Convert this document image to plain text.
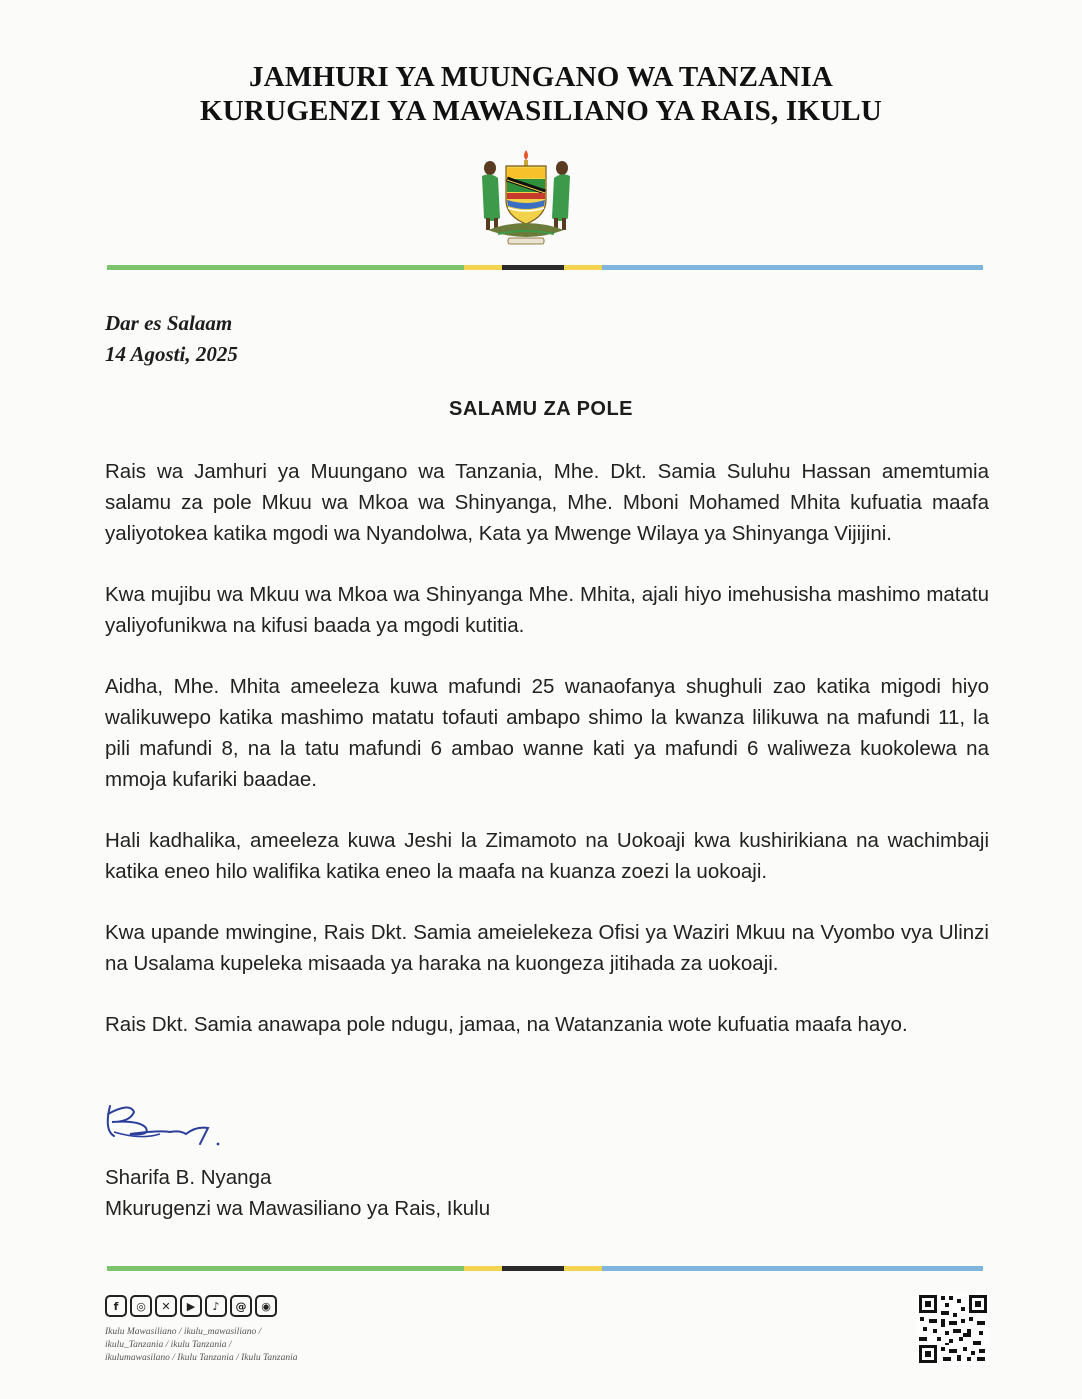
JAMHURI YA MUUNGANO WA TANZANIA
KURUGENZI YA MAWASILIANO YA RAIS, IKULU
Dar es Salaam
14 Agosti, 2025
SALAMU ZA POLE

Rais wa Jamhuri ya Muungano wa Tanzania, Mhe. Dkt. Samia Suluhu Hassan amemtumia salamu za pole Mkuu wa Mkoa wa Shinyanga, Mhe. Mboni Mohamed Mhita kufuatia maafa yaliyotokea katika mgodi wa Nyandolwa, Kata ya Mwenge Wilaya ya Shinyanga Vijijini.

Kwa mujibu wa Mkuu wa Mkoa wa Shinyanga Mhe. Mhita, ajali hiyo imehusisha mashimo matatu yaliyofunikwa na kifusi baada ya mgodi kutitia.

Aidha, Mhe. Mhita ameeleza kuwa mafundi 25 wanaofanya shughuli zao katika migodi hiyo walikuwepo katika mashimo matatu tofauti ambapo shimo la kwanza lilikuwa na mafundi 11, la pili mafundi 8, na la tatu mafundi 6 ambao wanne kati ya mafundi 6 waliweza kuokolewa na mmoja kufariki baadae.

Hali kadhalika, ameeleza kuwa Jeshi la Zimamoto na Uokoaji kwa kushirikiana na wachimbaji katika eneo hilo walifika katika eneo la maafa na kuanza zoezi la uokoaji.

Kwa upande mwingine, Rais Dkt. Samia ameielekeza Ofisi ya Waziri Mkuu na Vyombo vya Ulinzi na Usalama kupeleka misaada ya haraka na kuongeza jitihada za uokoaji.

Rais Dkt. Samia anawapa pole ndugu, jamaa, na Watanzania wote kufuatia maafa hayo.

Sharifa B. Nyanga
Mkurugenzi wa Mawasiliano ya Rais, Ikulu
f	◎	✕	▶	♪	@	◉
Ikulu Mawasiliano / ikulu_mawasiliano /
ikulu_Tanzania / ikulu Tanzania /
ikulumawasilano / Ikulu Tanzania / Ikulu Tanzania
